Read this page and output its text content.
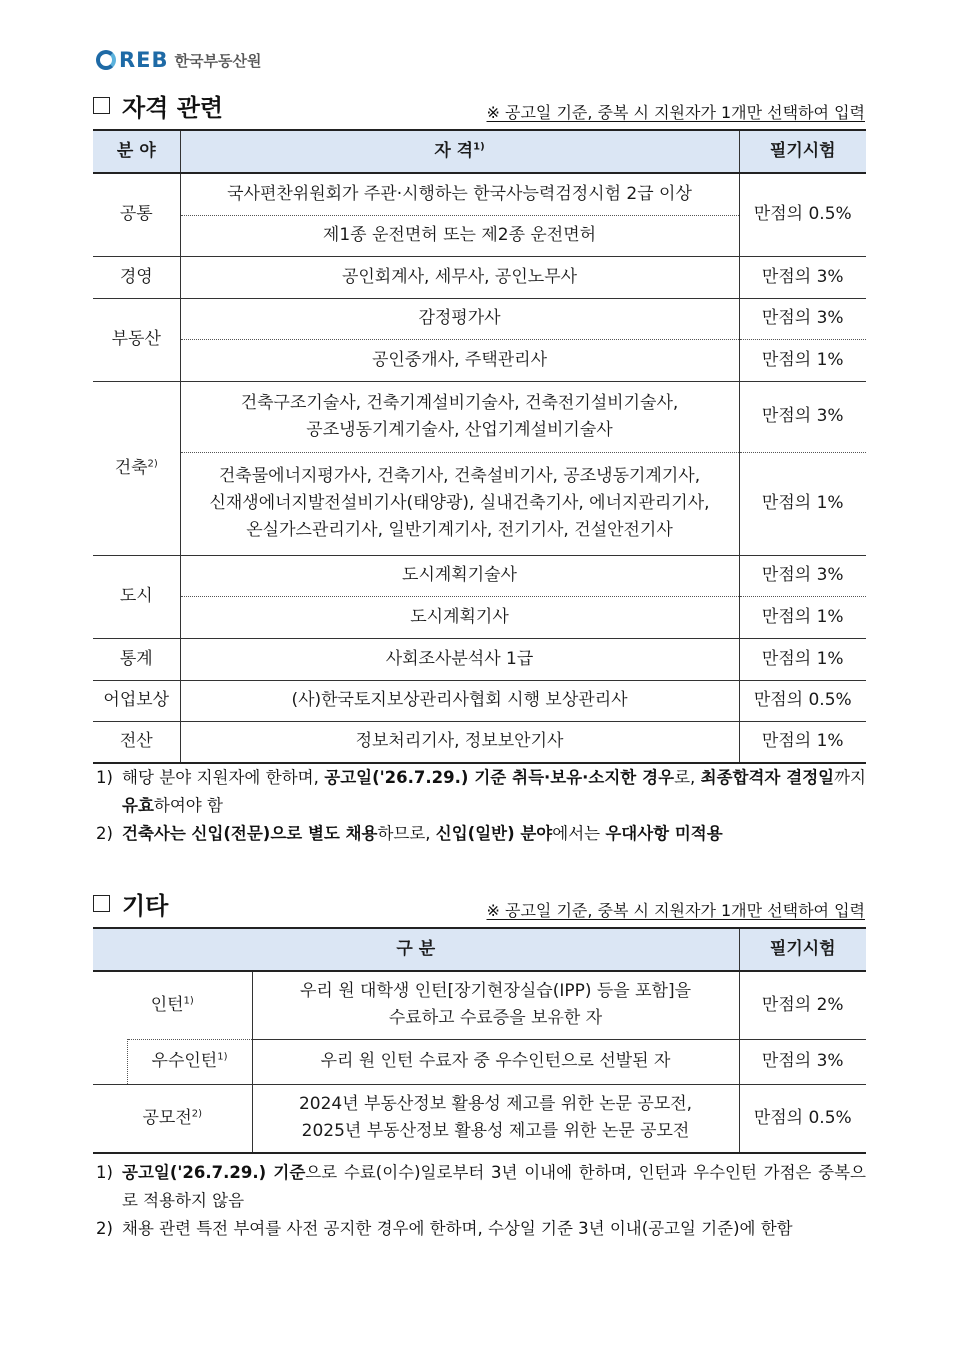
REB 한국부동산원
자격 관련	※ 공고일 기준, 중복 시 지원자가 1개만 선택하여 입력
분 야	자 격$^{1)}$	필기시험
공통	국사편찬위원회가 주관·시행하는 한국사능력검정시험 2급 이상	만점의 0.5%
	제1종 운전면허 또는 제2종 운전면허	
경영	공인회계사, 세무사, 공인노무사	만점의 3%
부동산	감정평가사	만점의 3%
	공인중개사, 주택관리사	만점의 1%
건축$^{2)}$	건축구조기술사, 건축기계설비기술사, 건축전기설비기술사,
공조냉동기계기술사, 산업기계설비기술사	만점의 3%

	건축물에너지평가사, 건축기사, 건축설비기사, 공조냉동기계기사,
신재생에너지발전설비기사(태양광), 실내건축기사, 에너지관리기사,
온실가스관리기사, 일반기계기사, 전기기사, 건설안전기사	만점의 1%
도시	도시계획기술사	만점의 3%
	도시계획기사	만점의 1%
통계	사회조사분석사 1급	만점의 1%
어업보상	(사)한국토지보상관리사협회 시행 보상관리사	만점의 0.5%
전산	정보처리기사, 정보보안기사	만점의 1%
1) 해당 분야 지원자에 한하며, 공고일('26.7.29.) 기준 취득·보유·소지한 경우로, 최종합격자 결정일까지 유효하여야 함
2) 건축사는 신입(전문)으로 별도 채용하므로, 신입(일반) 분야에서는 우대사항 미적용
기타	※ 공고일 기준, 중복 시 지원자가 1개만 선택하여 입력
구 분			필기시험
인턴$^{1)}$		우리 원 대학생 인턴[장기현장실습(IPP) 등을 포함]을
수료하고 수료증을 보유한 자	만점의 2%
	우수인턴$^{1)}$	우리 원 인턴 수료자 중 우수인턴으로 선발된 자	만점의 3%
공모전$^{2)}$		2024년 부동산정보 활용성 제고를 위한 논문 공모전,
2025년 부동산정보 활용성 제고를 위한 논문 공모전	만점의 0.5%
1) 공고일('26.7.29.) 기준으로 수료(이수)일로부터 3년 이내에 한하며, 인턴과 우수인턴 가점은 중복으로 적용하지 않음
2) 채용 관련 특전 부여를 사전 공지한 경우에 한하며, 수상일 기준 3년 이내(공고일 기준)에 한함
